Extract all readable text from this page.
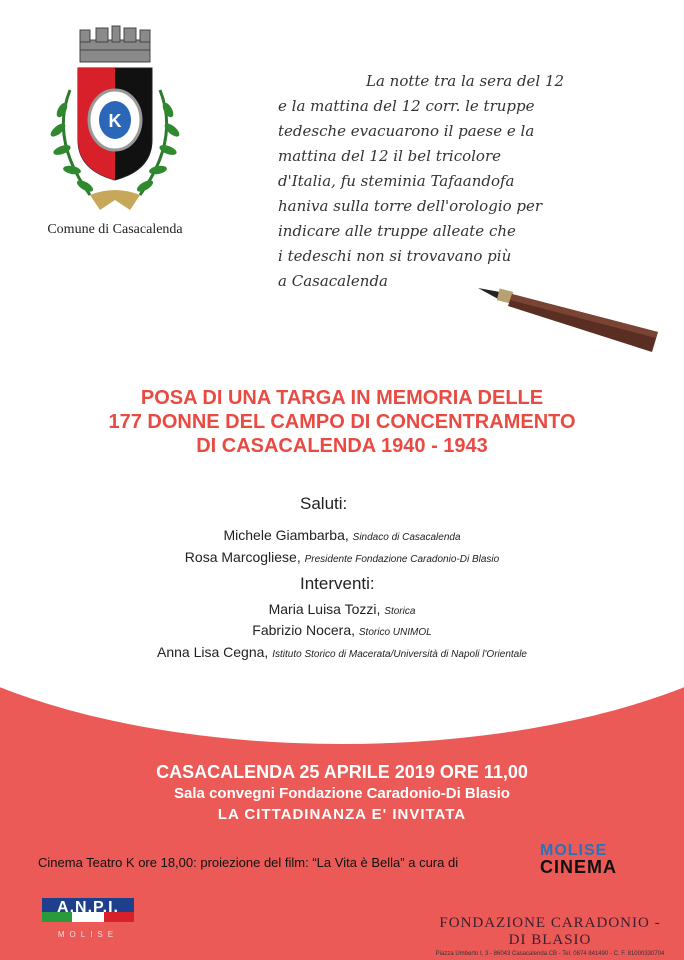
K
Comune di Casacalenda
La notte tra la sera del 12
e la mattina del 12 corr. le truppe
tedesche evacuarono il paese e la
mattina del 12 il bel tricolore
d'Italia, fu steminia Tafaandofa
haniva sulla torre dell'orologio per
indicare alle truppe alleate che
i tedeschi non si trovavano più
a Casacalenda
POSA DI UNA TARGA IN MEMORIA DELLE
177 DONNE DEL CAMPO DI CONCENTRAMENTO
DI CASACALENDA 1940 - 1943
Saluti:
Michele Giambarba, Sindaco di Casacalenda
Rosa Marcogliese, Presidente Fondazione Caradonio-Di Blasio
Interventi:
Maria Luisa Tozzi, Storica
Fabrizio Nocera, Storico UNIMOL
Anna Lisa Cegna, Istituto Storico di Macerata/Università di Napoli l'Orientale
CASACALENDA 25 APRILE 2019 ORE 11,00
Sala convegni Fondazione Caradonio-Di Blasio
LA CITTADINANZA E' INVITATA
Cinema Teatro K ore 18,00: proiezione del film: “La Vita è Bella” a cura di
MOLISE
CINEMA
A.N.P.I.
MOLISE
FONDAZIONE CARADONIO - DI BLASIO
Piazza Umberto I, 3 - 86043 Casacalenda CB - Tel. 0874 841490 - C. F. 81000330704
